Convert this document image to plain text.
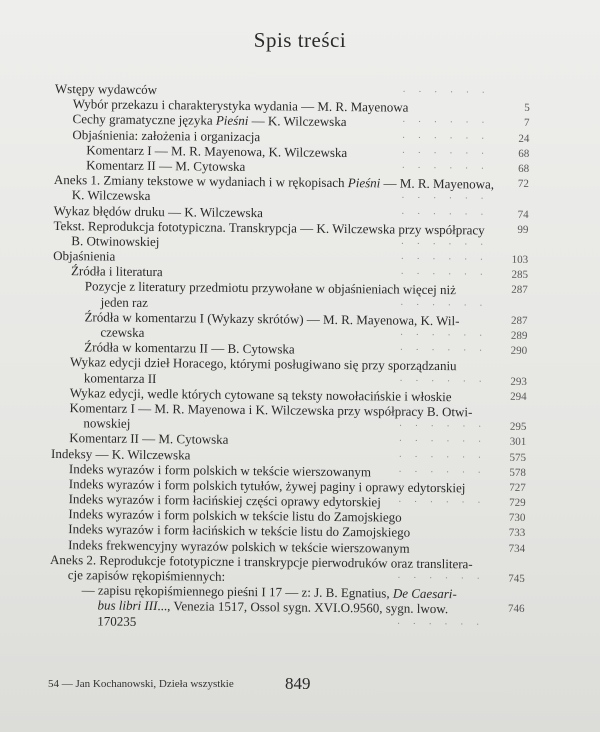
Spis treści
Wstępy wydawców	· · · · · ·
Wybór przekazu i charakterystyka wydania — M. R. Mayenowa	5
Cechy gramatyczne języka Pieśni — K. Wilczewska	· · · · · ·	7
Objaśnienia: założenia i organizacja	· · · · · ·	24
Komentarz I — M. R. Mayenowa, K. Wilczewska	· · · · · ·	68
Komentarz II — M. Cytowska	· · · · · ·	68
Aneks 1. Zmiany tekstowe w wydaniach i w rękopisach Pieśni — M. R. Mayenowa,	72
K. Wilczewska	· · · · · ·
Wykaz błędów druku — K. Wilczewska	· · · · · ·	74
Tekst. Reprodukcja fototypiczna. Transkrypcja — K. Wilczewska przy współpracy	99
B. Otwinowskiej	· · · · · ·
Objaśnienia	· · · · · ·	103
Źródła i literatura	· · · · · ·	285
Pozycje z literatury przedmiotu przywołane w objaśnieniach więcej niż	287
jeden raz	· · · · · ·
Źródła w komentarzu I (Wykazy skrótów) — M. R. Mayenowa, K. Wil-	287
czewska	· · · · · ·	289
Źródła w komentarzu II — B. Cytowska	· · · · · ·	290
Wykaz edycji dzieł Horacego, którymi posługiwano się przy sporządzaniu
komentarza II	· · · · · ·	293
Wykaz edycji, wedle których cytowane są teksty nowołacińskie i włoskie	294
Komentarz I — M. R. Mayenowa i K. Wilczewska przy współpracy B. Otwi-
nowskiej	· · · · · ·	295
Komentarz II — M. Cytowska	· · · · · ·	301
Indeksy — K. Wilczewska	· · · · · ·	575
Indeks wyrazów i form polskich w tekście wierszowanym	· · · · · ·	578
Indeks wyrazów i form polskich tytułów, żywej paginy i oprawy edytorskiej	727
Indeks wyrazów i form łacińskiej części oprawy edytorskiej · · · · · ·	729
Indeks wyrazów i form polskich w tekście listu do Zamojskiego	730
Indeks wyrazów i form łacińskich w tekście listu do Zamojskiego	733
Indeks frekwencyjny wyrazów polskich w tekście wierszowanym	734
Aneks 2. Reprodukcje fototypiczne i transkrypcje pierwodruków oraz translitera-
cje zapisów rękopiśmiennych:	· · · · · ·	745
— zapisu rękopiśmiennego pieśni I 17 — z: J. B. Egnatius, De Caesari-
bus libri III..., Venezia 1517, Ossol sygn. XVI.O.9560, sygn. lwow.	746
170235	· · · · · ·
54 — Jan Kochanowski, Dzieła wszystkie	849
